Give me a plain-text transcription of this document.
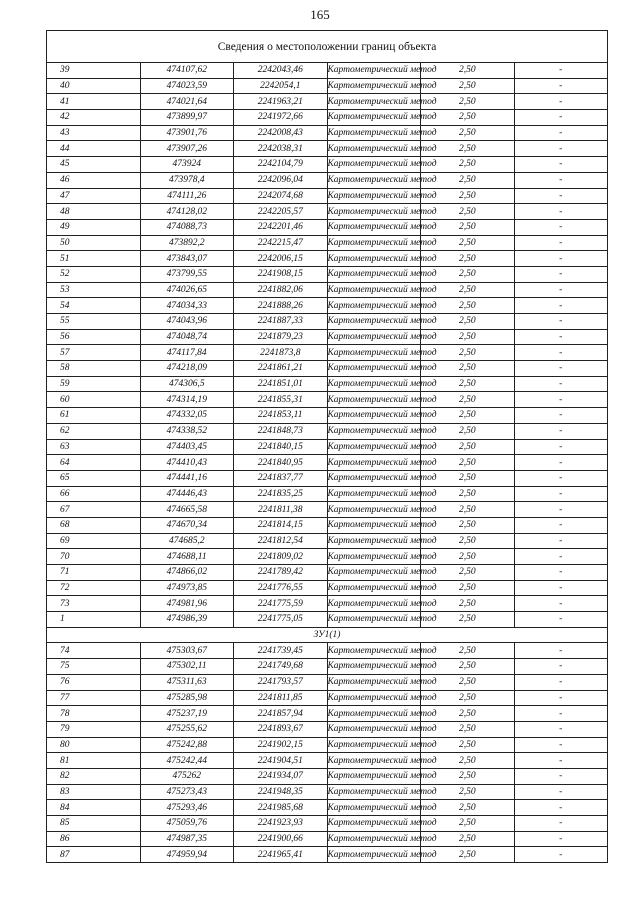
165
Сведения о местоположении границ объекта					
39	474107,62	2242043,46	Картометрический метод	2,50	-
40	474023,59	2242054,1	Картометрический метод	2,50	-
41	474021,64	2241963,21	Картометрический метод	2,50	-
42	473899,97	2241972,66	Картометрический метод	2,50	-
43	473901,76	2242008,43	Картометрический метод	2,50	-
44	473907,26	2242038,31	Картометрический метод	2,50	-
45	473924	2242104,79	Картометрический метод	2,50	-
46	473978,4	2242096,04	Картометрический метод	2,50	-
47	474111,26	2242074,68	Картометрический метод	2,50	-
48	474128,02	2242205,57	Картометрический метод	2,50	-
49	474088,73	2242201,46	Картометрический метод	2,50	-
50	473892,2	2242215,47	Картометрический метод	2,50	-
51	473843,07	2242006,15	Картометрический метод	2,50	-
52	473799,55	2241908,15	Картометрический метод	2,50	-
53	474026,65	2241882,06	Картометрический метод	2,50	-
54	474034,33	2241888,26	Картометрический метод	2,50	-
55	474043,96	2241887,33	Картометрический метод	2,50	-
56	474048,74	2241879,23	Картометрический метод	2,50	-
57	474117,84	2241873,8	Картометрический метод	2,50	-
58	474218,09	2241861,21	Картометрический метод	2,50	-
59	474306,5	2241851,01	Картометрический метод	2,50	-
60	474314,19	2241855,31	Картометрический метод	2,50	-
61	474332,05	2241853,11	Картометрический метод	2,50	-
62	474338,52	2241848,73	Картометрический метод	2,50	-
63	474403,45	2241840,15	Картометрический метод	2,50	-
64	474410,43	2241840,95	Картометрический метод	2,50	-
65	474441,16	2241837,77	Картометрический метод	2,50	-
66	474446,43	2241835,25	Картометрический метод	2,50	-
67	474665,58	2241811,38	Картометрический метод	2,50	-
68	474670,34	2241814,15	Картометрический метод	2,50	-
69	474685,2	2241812,54	Картометрический метод	2,50	-
70	474688,11	2241809,02	Картометрический метод	2,50	-
71	474866,02	2241789,42	Картометрический метод	2,50	-
72	474973,85	2241776,55	Картометрический метод	2,50	-
73	474981,96	2241775,59	Картометрический метод	2,50	-
1	474986,39	2241775,05	Картометрический метод	2,50	-
ЗУ1(1)					
74	475303,67	2241739,45	Картометрический метод	2,50	-
75	475302,11	2241749,68	Картометрический метод	2,50	-
76	475311,63	2241793,57	Картометрический метод	2,50	-
77	475285,98	2241811,85	Картометрический метод	2,50	-
78	475237,19	2241857,94	Картометрический метод	2,50	-
79	475255,62	2241893,67	Картометрический метод	2,50	-
80	475242,88	2241902,15	Картометрический метод	2,50	-
81	475242,44	2241904,51	Картометрический метод	2,50	-
82	475262	2241934,07	Картометрический метод	2,50	-
83	475273,43	2241948,35	Картометрический метод	2,50	-
84	475293,46	2241985,68	Картометрический метод	2,50	-
85	475059,76	2241923,93	Картометрический метод	2,50	-
86	474987,35	2241900,66	Картометрический метод	2,50	-
87	474959,94	2241965,41	Картометрический метод	2,50	-
